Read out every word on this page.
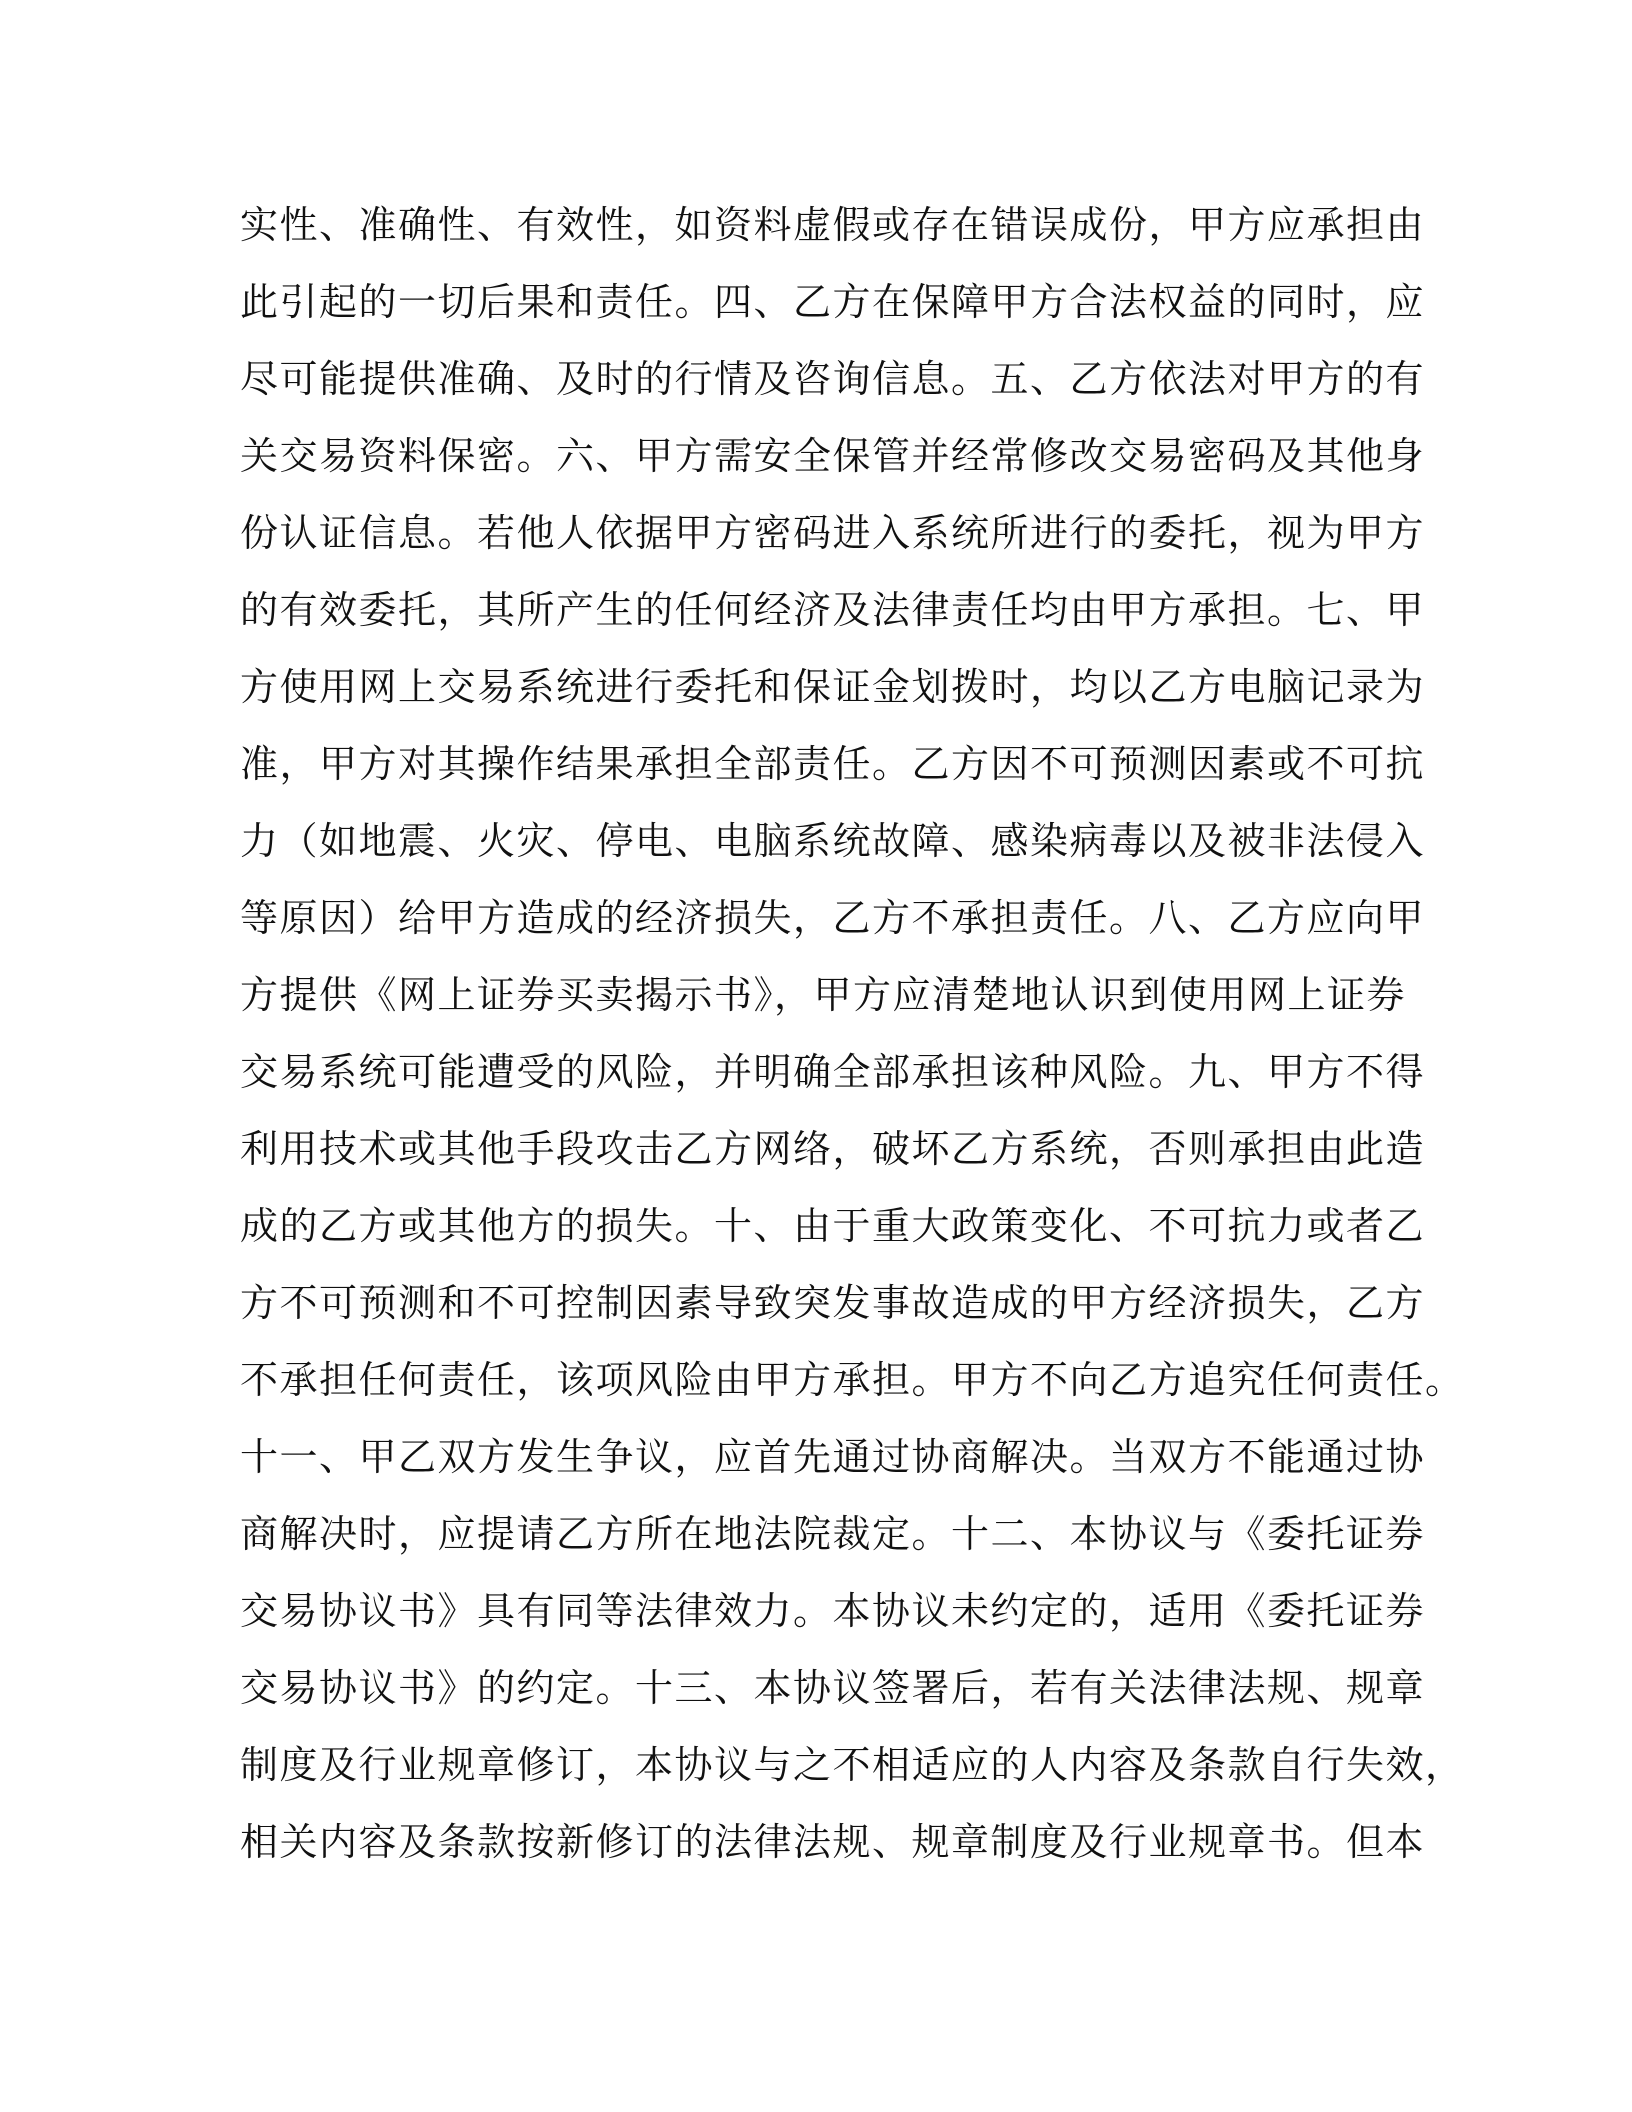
实性、准确性、有效性，如资料虚假或存在错误成份，甲方应承担由
此引起的一切后果和责任。四、乙方在保障甲方合法权益的同时，应
尽可能提供准确、及时的行情及咨询信息。五、乙方依法对甲方的有
关交易资料保密。六、甲方需安全保管并经常修改交易密码及其他身
份认证信息。若他人依据甲方密码进入系统所进行的委托，视为甲方
的有效委托，其所产生的任何经济及法律责任均由甲方承担。七、甲
方使用网上交易系统进行委托和保证金划拨时，均以乙方电脑记录为
准，甲方对其操作结果承担全部责任。乙方因不可预测因素或不可抗
力（如地震、火灾、停电、电脑系统故障、感染病毒以及被非法侵入
等原因）给甲方造成的经济损失，乙方不承担责任。八、乙方应向甲
方提供《网上证券买卖揭示书》，甲方应清楚地认识到使用网上证券
交易系统可能遭受的风险，并明确全部承担该种风险。九、甲方不得
利用技术或其他手段攻击乙方网络，破坏乙方系统，否则承担由此造
成的乙方或其他方的损失。十、由于重大政策变化、不可抗力或者乙
方不可预测和不可控制因素导致突发事故造成的甲方经济损失，乙方
不承担任何责任，该项风险由甲方承担。甲方不向乙方追究任何责任。
十一、甲乙双方发生争议，应首先通过协商解决。当双方不能通过协
商解决时，应提请乙方所在地法院裁定。十二、本协议与《委托证券
交易协议书》具有同等法律效力。本协议未约定的，适用《委托证券
交易协议书》的约定。十三、本协议签署后，若有关法律法规、规章
制度及行业规章修订，本协议与之不相适应的人内容及条款自行失效，
相关内容及条款按新修订的法律法规、规章制度及行业规章书。但本
